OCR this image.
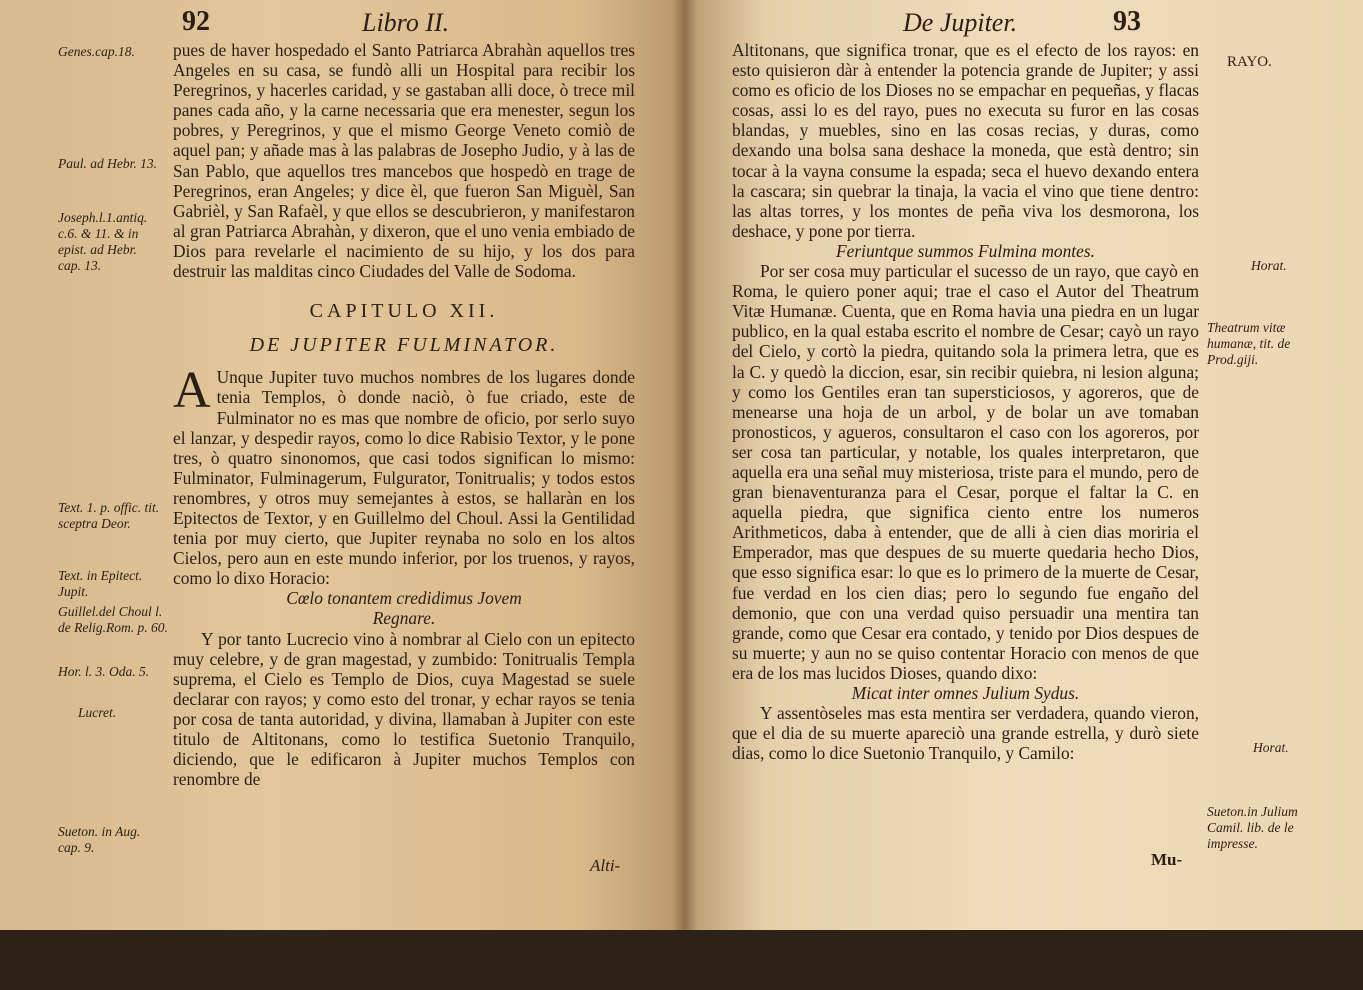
92	Libro II.
Genes.cap.18.
Paul. ad Hebr. 13.
Joseph.l.1.antiq. c.6. & 11. & in epist. ad Hebr. cap. 13.
Text. 1. p. offic. tit. sceptra Deor.
Text. in Epitect. Jupit.
Guillel.del Choul l. de Relig.Rom. p. 60.
Hor. l. 3. Oda. 5.
Lucret.
Sueton. in Aug. cap. 9.

pues de haver hospedado el Santo Patriarca Abrahàn aquellos tres Angeles en su casa, se fundò alli un Hospital para recibir los Peregrinos, y hacerles caridad, y se gastaban alli doce, ò trece mil panes cada año, y la carne necessaria que era menester, segun los pobres, y Peregrinos, y que el mismo George Veneto comiò de aquel pan; y añade mas à las palabras de Josepho Judio, y à las de San Pablo, que aquellos tres mancebos que hospedò en trage de Peregrinos, eran Angeles; y dice èl, que fueron San Miguèl, San Gabrièl, y San Rafaèl, y que ellos se descubrieron, y manifestaron al gran Patriarca Abrahàn, y dixeron, que el uno venia embiado de Dios para revelarle el nacimiento de su hijo, y los dos para destruir las malditas cinco Ciudades del Valle de Sodoma.

CAPITULO XII.
DE JUPITER FULMINATOR.

A Unque Jupiter tuvo muchos nombres de los lugares donde tenia Templos, ò donde naciò, ò fue criado, este de Fulminator no es mas que nombre de oficio, por serlo suyo el lanzar, y despedir rayos, como lo dice Rabisio Textor, y le pone tres, ò quatro sinonomos, que casi todos significan lo mismo: Fulminator, Fulminagerum, Fulgurator, Tonitrualis; y todos estos renombres, y otros muy semejantes à estos, se hallaràn en los Epitectos de Textor, y en Guillelmo del Choul. Assi la Gentilidad tenia por muy cierto, que Jupiter reynaba no solo en los altos Cielos, pero aun en este mundo inferior, por los truenos, y rayos, como lo dixo Horacio:

Cœlo tonantem credidimus Jovem

Regnare.

Y por tanto Lucrecio vino à nombrar al Cielo con un epitecto muy celebre, y de gran magestad, y zumbido: Tonitrualis Templa suprema, el Cielo es Templo de Dios, cuya Magestad se suele declarar con rayos; y como esto del tronar, y echar rayos se tenia por cosa de tanta autoridad, y divina, llamaban à Jupiter con este titulo de Altitonans, como lo testifica Suetonio Tranquilo, diciendo, que le edificaron à Jupiter muchos Templos con renombre de

Alti-
De Jupiter.	93
RAYO.
Horat.
Theatrum vitæ humanæ, tit. de Prod.giji.
Horat.
Sueton.in Julium Camil. lib. de le impresse.

Altitonans, que significa tronar, que es el efecto de los rayos: en esto quisieron dàr à entender la potencia grande de Jupiter; y assi como es oficio de los Dioses no se empachar en pequeñas, y flacas cosas, assi lo es del rayo, pues no executa su furor en las cosas blandas, y muebles, sino en las cosas recias, y duras, como dexando una bolsa sana deshace la moneda, que està dentro; sin tocar à la vayna consume la espada; seca el huevo dexando entera la cascara; sin quebrar la tinaja, la vacia el vino que tiene dentro: las altas torres, y los montes de peña viva los desmorona, los deshace, y pone por tierra.

Feriuntque summos Fulmina montes.

Por ser cosa muy particular el sucesso de un rayo, que cayò en Roma, le quiero poner aqui; trae el caso el Autor del Theatrum Vitæ Humanæ. Cuenta, que en Roma havia una piedra en un lugar publico, en la qual estaba escrito el nombre de Cesar; cayò un rayo del Cielo, y cortò la piedra, quitando sola la primera letra, que es la C. y quedò la diccion, esar, sin recibir quiebra, ni lesion alguna; y como los Gentiles eran tan supersticiosos, y agoreros, que de menearse una hoja de un arbol, y de bolar un ave tomaban pronosticos, y agueros, consultaron el caso con los agoreros, por ser cosa tan particular, y notable, los quales interpretaron, que aquella era una señal muy misteriosa, triste para el mundo, pero de gran bienaventuranza para el Cesar, porque el faltar la C. en aquella piedra, que significa ciento entre los numeros Arithmeticos, daba à entender, que de alli à cien dias moriria el Emperador, mas que despues de su muerte quedaria hecho Dios, que esso significa esar: lo que es lo primero de la muerte de Cesar, fue verdad en los cien dias; pero lo segundo fue engaño del demonio, que con una verdad quiso persuadir una mentira tan grande, como que Cesar era contado, y tenido por Dios despues de su muerte; y aun no se quiso contentar Horacio con menos de que era de los mas lucidos Dioses, quando dixo:

Micat inter omnes Julium Sydus.

Y assentòseles mas esta mentira ser verdadera, quando vieron, que el dia de su muerte apareciò una grande estrella, y durò siete dias, como lo dice Suetonio Tranquilo, y Camilo:

Mu-
